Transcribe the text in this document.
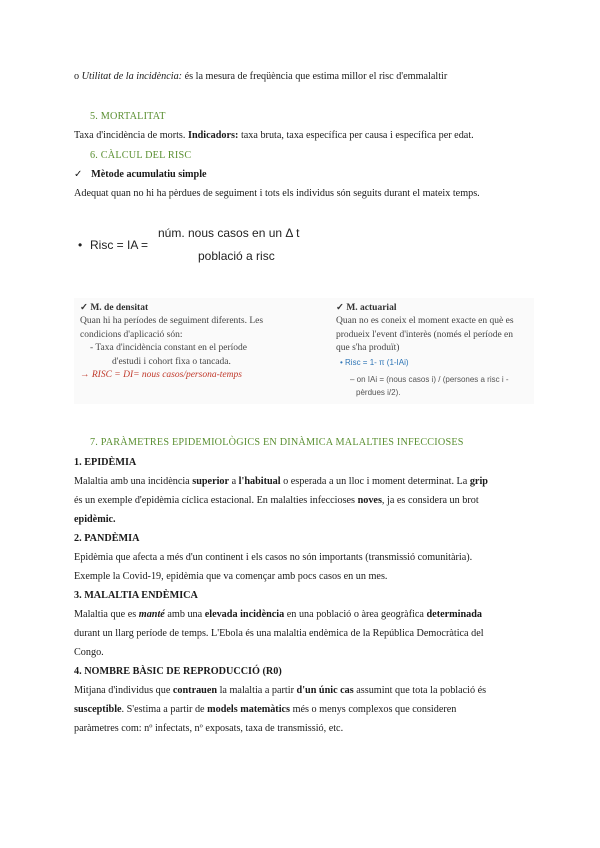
o Utilitat de la incidència: és la mesura de freqüència que estima millor el risc d'emmalaltir
5. MORTALITAT
Taxa d'incidència de morts. Indicadors: taxa bruta, taxa específica per causa i específica per edat.
6. CÀLCUL DEL RISC
✓ Mètode acumulatiu simple
Adequat quan no hi ha pèrdues de seguiment i tots els individus són seguits durant el mateix temps.
• Risc = IA =
núm. nous casos en un Δ t
població a risc
✓ M. de densitat
Quan hi ha períodes de seguiment diferents. Les
condicions d'aplicació són:
- Taxa d'incidència constant en el període
d'estudi i cohort fixa o tancada.
→ RISC = DI= nous casos/persona-temps
✓ M. actuarial
Quan no es coneix el moment exacte en què es
produeix l'event d'interès (només el període en
que s'ha produït)
• Risc = 1- π (1-IAi)
– on IAi = (nous casos i) / (persones a risc i -
pèrdues i/2).
7. PARÀMETRES EPIDEMIOLÒGICS EN DINÀMICA MALALTIES INFECCIOSES
1. EPIDÈMIA
Malaltia amb una incidència superior a l'habitual o esperada a un lloc i moment determinat. La grip
és un exemple d'epidèmia cíclica estacional. En malalties infeccioses noves, ja es considera un brot
epidèmic.
2. PANDÈMIA
Epidèmia que afecta a més d'un continent i els casos no són importants (transmissió comunitària).
Exemple la Covid-19, epidèmia que va començar amb pocs casos en un mes.
3. MALALTIA ENDÈMICA
Malaltia que es manté amb una elevada incidència en una població o àrea geogràfica determinada
durant un llarg període de temps. L'Ebola és una malaltia endèmica de la República Democràtica del
Congo.
4. NOMBRE BÀSIC DE REPRODUCCIÓ (R0)
Mitjana d'individus que contrauen la malaltia a partir d'un únic cas assumint que tota la població és
susceptible. S'estima a partir de models matemàtics més o menys complexos que consideren
paràmetres com: nº infectats, nº exposats, taxa de transmissió, etc.
